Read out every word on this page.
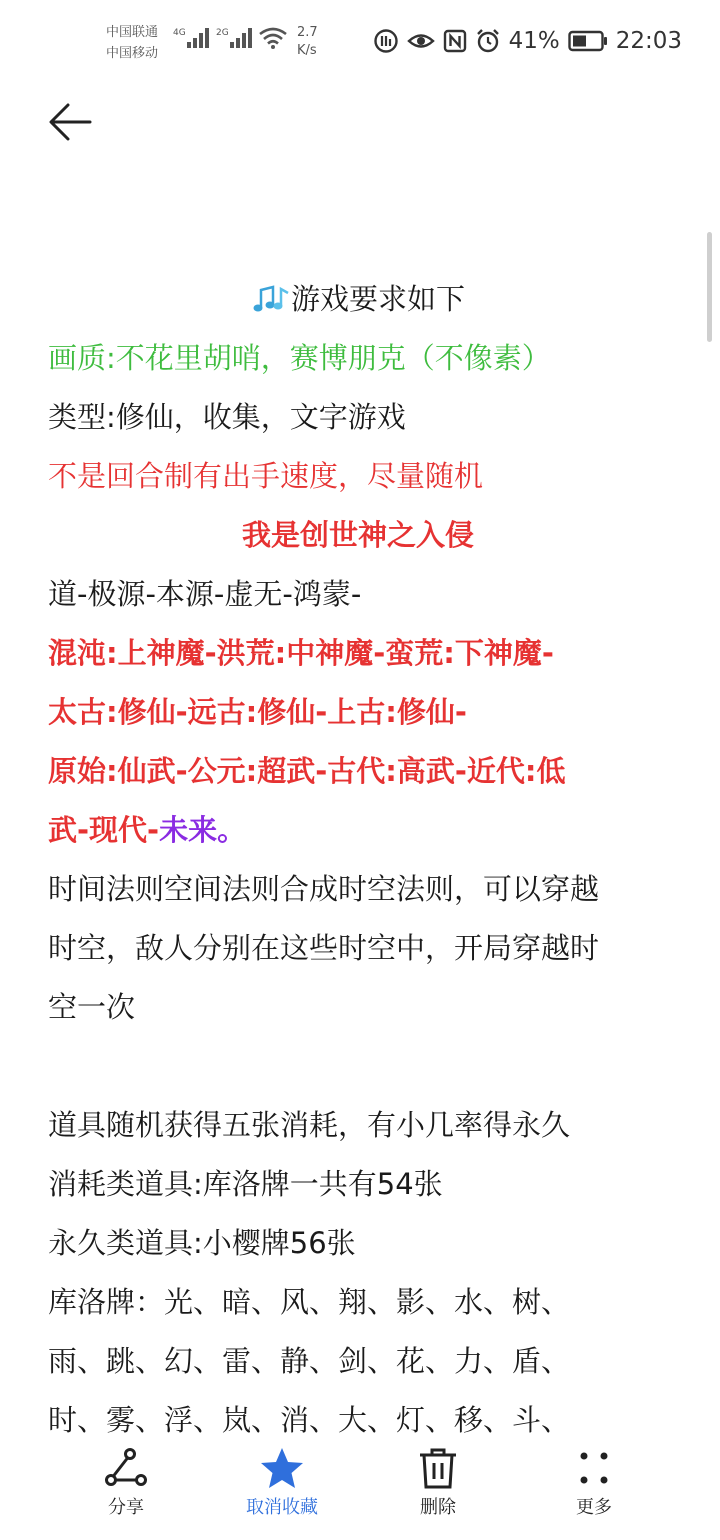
中国联通
中国移动
4G	2G	2.7
K/s	41% 22:03
游戏要求如下
画质:不花里胡哨，赛博朋克（不像素）
类型:修仙，收集，文字游戏
不是回合制有出手速度，尽量随机
我是创世神之入侵
道-极源-本源-虚无-鸿蒙-
混沌:上神魔-洪荒:中神魔-蛮荒:下神魔-
太古:修仙-远古:修仙-上古:修仙-
原始:仙武-公元:超武-古代:高武-近代:低
武-现代-未来。
时间法则空间法则合成时空法则，可以穿越
时空，敌人分别在这些时空中，开局穿越时
空一次
道具随机获得五张消耗，有小几率得永久
消耗类道具:库洛牌一共有54张
永久类道具:小樱牌56张
库洛牌：光、暗、风、翔、影、水、树、
雨、跳、幻、雷、静、剑、花、力、盾、
时、雾、浮、岚、消、大、灯、移、斗、
分享	取消收藏	删除	更多
